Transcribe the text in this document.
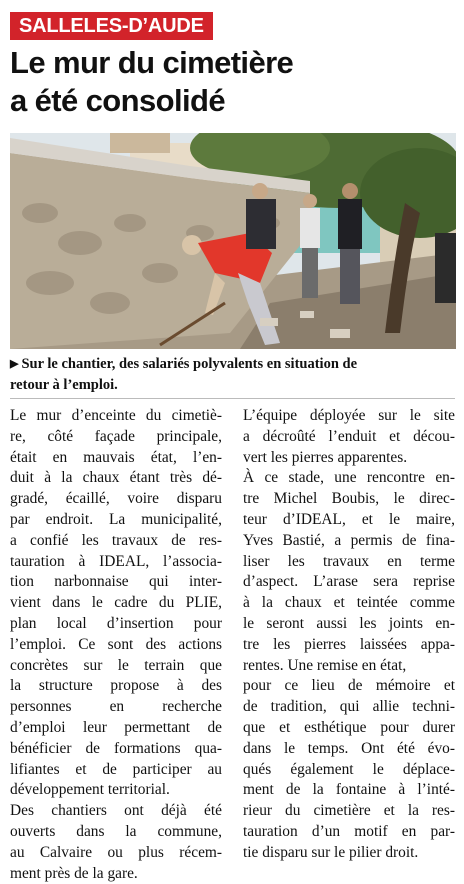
SALLELES-D’AUDE
Le mur du cimetière
a été consolidé
▶ Sur le chantier, des salariés polyvalents en situation de
retour à l’emploi.
Le mur d’enceinte du cimetiè-
re, côté façade principale,
était en mauvais état, l’en-
duit à la chaux étant très dé-
gradé, écaillé, voire disparu
par endroit. La municipalité,
a confié les travaux de res-
tauration à IDEAL, l’associa-
tion narbonnaise qui inter-
vient dans le cadre du PLIE,
plan local d’insertion pour
l’emploi. Ce sont des actions
concrètes sur le terrain que
la structure propose à des
personnes en recherche
d’emploi leur permettant de
bénéficier de formations qua-
lifiantes et de participer au
développement territorial.
Des chantiers ont déjà été
ouverts dans la commune,
au Calvaire ou plus récem-
ment près de la gare.
L’équipe déployée sur le site
a décroûté l’enduit et décou-
vert les pierres apparentes.
À ce stade, une rencontre en-
tre Michel Boubis, le direc-
teur d’IDEAL, et le maire,
Yves Bastié, a permis de fina-
liser les travaux en terme
d’aspect. L’arase sera reprise
à la chaux et teintée comme
le seront aussi les joints en-
tre les pierres laissées appa-
rentes. Une remise en état,
pour ce lieu de mémoire et
de tradition, qui allie techni-
que et esthétique pour durer
dans le temps. Ont été évo-
qués également le déplace-
ment de la fontaine à l’inté-
rieur du cimetière et la res-
tauration d’un motif en par-
tie disparu sur le pilier droit.
